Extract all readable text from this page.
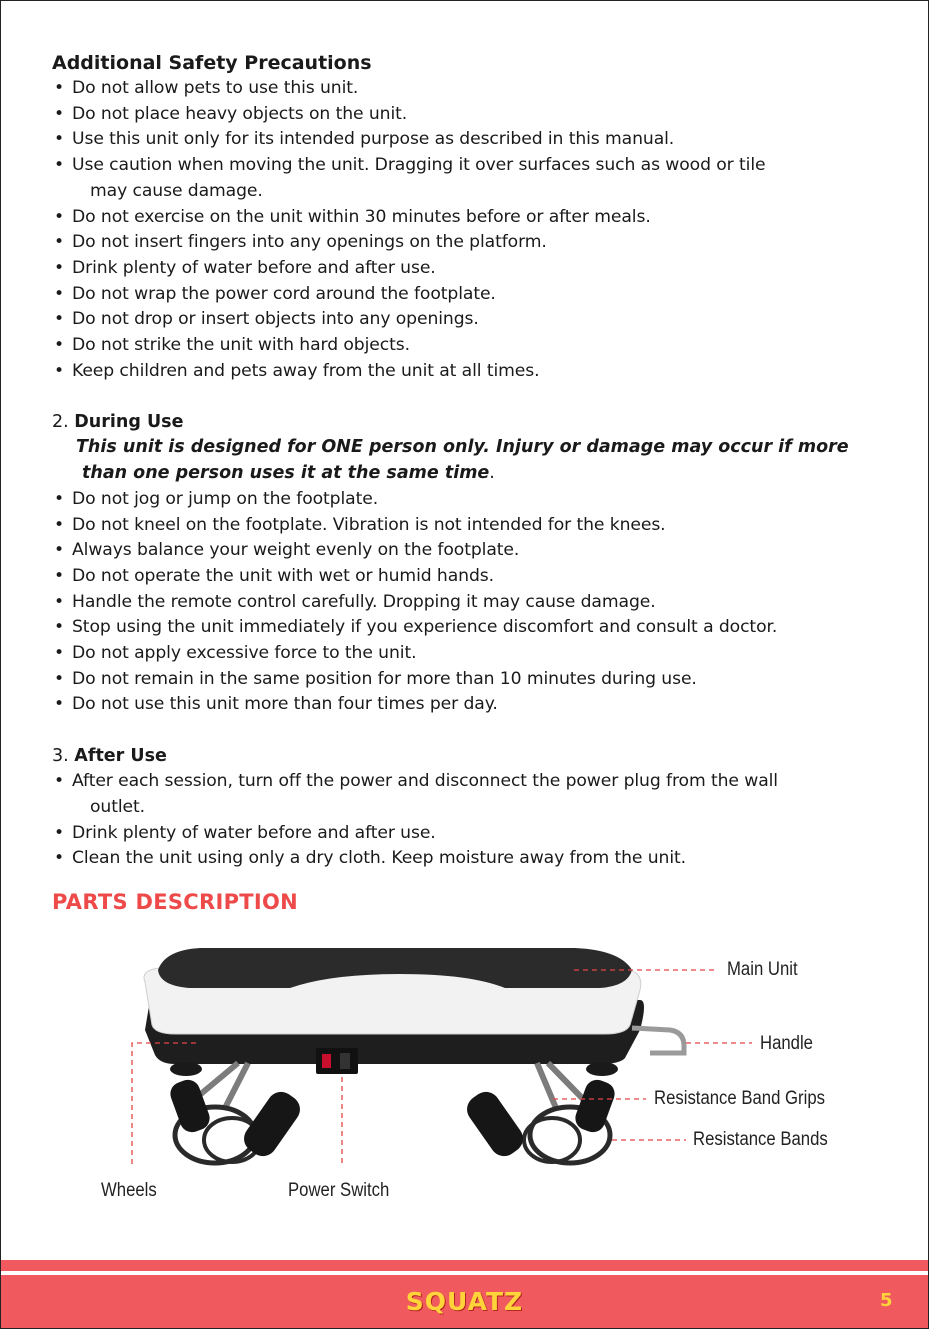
Additional Safety Precautions

• Do not allow pets to use this unit.
• Do not place heavy objects on the unit.
• Use this unit only for its intended purpose as described in this manual.
• Use caution when moving the unit. Dragging it over surfaces such as wood or tile
may cause damage.
• Do not exercise on the unit within 30 minutes before or after meals.
• Do not insert fingers into any openings on the platform.
• Drink plenty of water before and after use.
• Do not wrap the power cord around the footplate.
• Do not drop or insert objects into any openings.
• Do not strike the unit with hard objects.
• Keep children and pets away from the unit at all times.
2. During Use
This unit is designed for ONE person only. Injury or damage may occur if more
than one person uses it at the same time.
• Do not jog or jump on the footplate.
• Do not kneel on the footplate. Vibration is not intended for the knees.
• Always balance your weight evenly on the footplate.
• Do not operate the unit with wet or humid hands.
• Handle the remote control carefully. Dropping it may cause damage.
• Stop using the unit immediately if you experience discomfort and consult a doctor.
• Do not apply excessive force to the unit.
• Do not remain in the same position for more than 10 minutes during use.
• Do not use this unit more than four times per day.
3. After Use
• After each session, turn off the power and disconnect the power plug from the wall
outlet.
• Drink plenty of water before and after use.
• Clean the unit using only a dry cloth. Keep moisture away from the unit.
PARTS DESCRIPTION
Main Unit
Handle
Resistance Band Grips
Resistance Bands
Wheels	Power Switch
SQUATZ	5
